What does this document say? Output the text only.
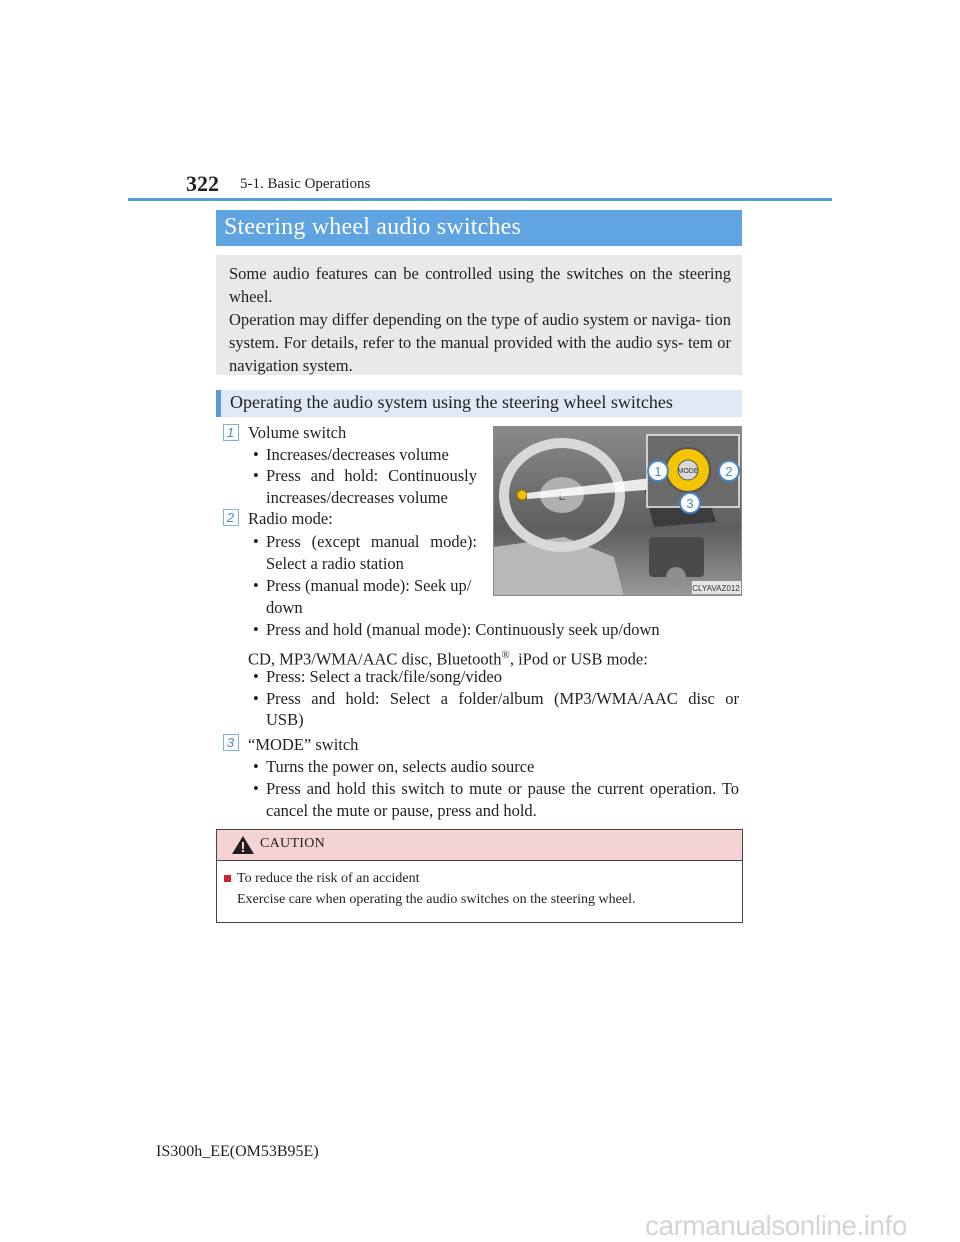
322 5-1. Basic Operations
Steering wheel audio switches

Some audio features can be controlled using the switches on the steering wheel.

Operation may differ depending on the type of audio system or naviga- tion system. For details, refer to the manual provided with the audio sys- tem or navigation system.

Operating the audio system using the steering wheel switches
1 Volume switch
• Increases/decreases volume
• Press and hold: Continuously
increases/decreases volume
2 Radio mode:
• Press (except manual mode):
Select a radio station
• Press (manual mode): Seek up/
down
• Press and hold (manual mode): Continuously seek up/down
CD, MP3/WMA/AAC disc, Bluetooth®, iPod or USB mode:
• Press: Select a track/file/song/video
• Press and hold: Select a folder/album (MP3/WMA/AAC disc or
USB)
3 “MODE” switch
• Turns the power on, selects audio source
• Press and hold this switch to mute or pause the current operation. To
cancel the mute or pause, press and hold.
MODE
1	2
3
CLYAVAZ012
CAUTION
To reduce the risk of an accident
Exercise care when operating the audio switches on the steering wheel.
IS300h_EE(OM53B95E)
carmanualsonline.info
